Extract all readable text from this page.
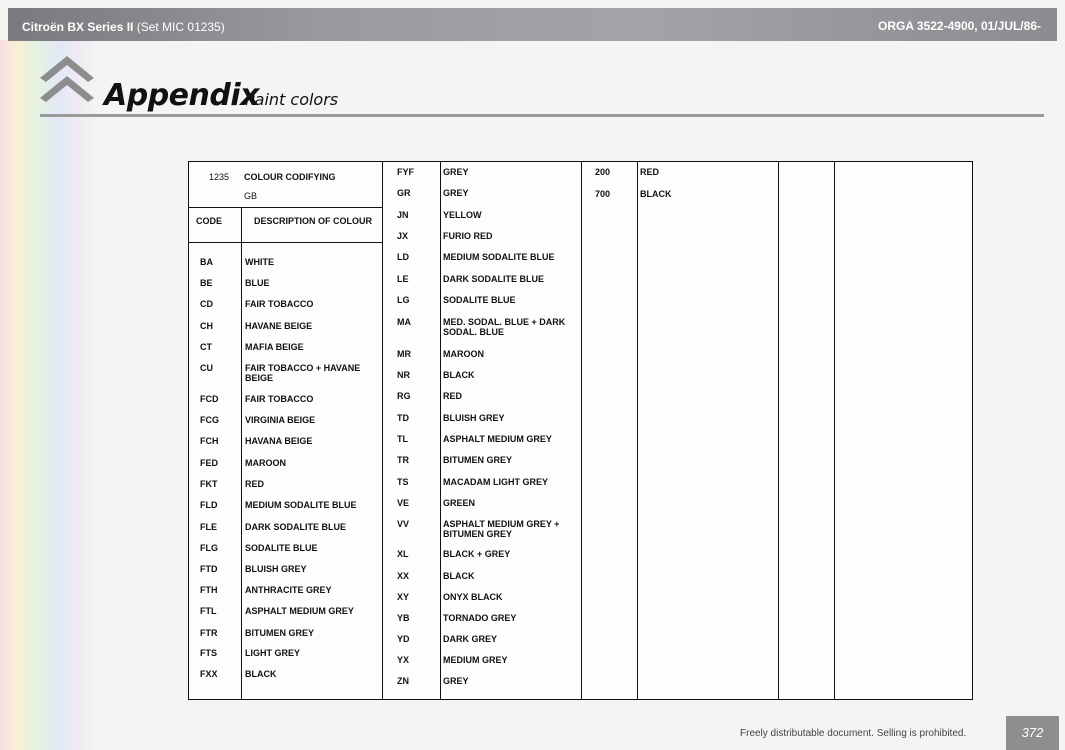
Citroën BX Series II (Set MIC 01235)	ORGA 3522-4900, 01/JUL/86-
Appendix
Paint colors
1235 COLOUR CODIFYING
GB
CODE	DESCRIPTION OF COLOUR
BA	WHITE
BE	BLUE
CD	FAIR TOBACCO
CH	HAVANE BEIGE
CT	MAFIA BEIGE
CU	FAIR TOBACCO + HAVANE BEIGE
FCD	FAIR TOBACCO
FCG	VIRGINIA BEIGE
FCH	HAVANA BEIGE
FED	MAROON
FKT	RED
FLD	MEDIUM SODALITE BLUE
FLE	DARK SODALITE BLUE
FLG	SODALITE BLUE
FTD	BLUISH GREY
FTH	ANTHRACITE GREY
FTL	ASPHALT MEDIUM GREY
FTR	BITUMEN GREY
FTS	LIGHT GREY
FXX	BLACK
FYF	GREY
GR	GREY
JN	YELLOW
JX	FURIO RED
LD	MEDIUM SODALITE BLUE
LE	DARK SODALITE BLUE
LG	SODALITE BLUE
MA	MED. SODAL. BLUE + DARK SODAL. BLUE
MR	MAROON
NR	BLACK
RG	RED
TD	BLUISH GREY
TL	ASPHALT MEDIUM GREY
TR	BITUMEN GREY
TS	MACADAM LIGHT GREY
VE	GREEN
VV	ASPHALT MEDIUM GREY + BITUMEN GREY
XL	BLACK + GREY
XX	BLACK
XY	ONYX BLACK
YB	TORNADO GREY
YD	DARK GREY
YX	MEDIUM GREY
ZN	GREY
200	RED
700	BLACK
Freely distributable document. Selling is prohibited.	372
